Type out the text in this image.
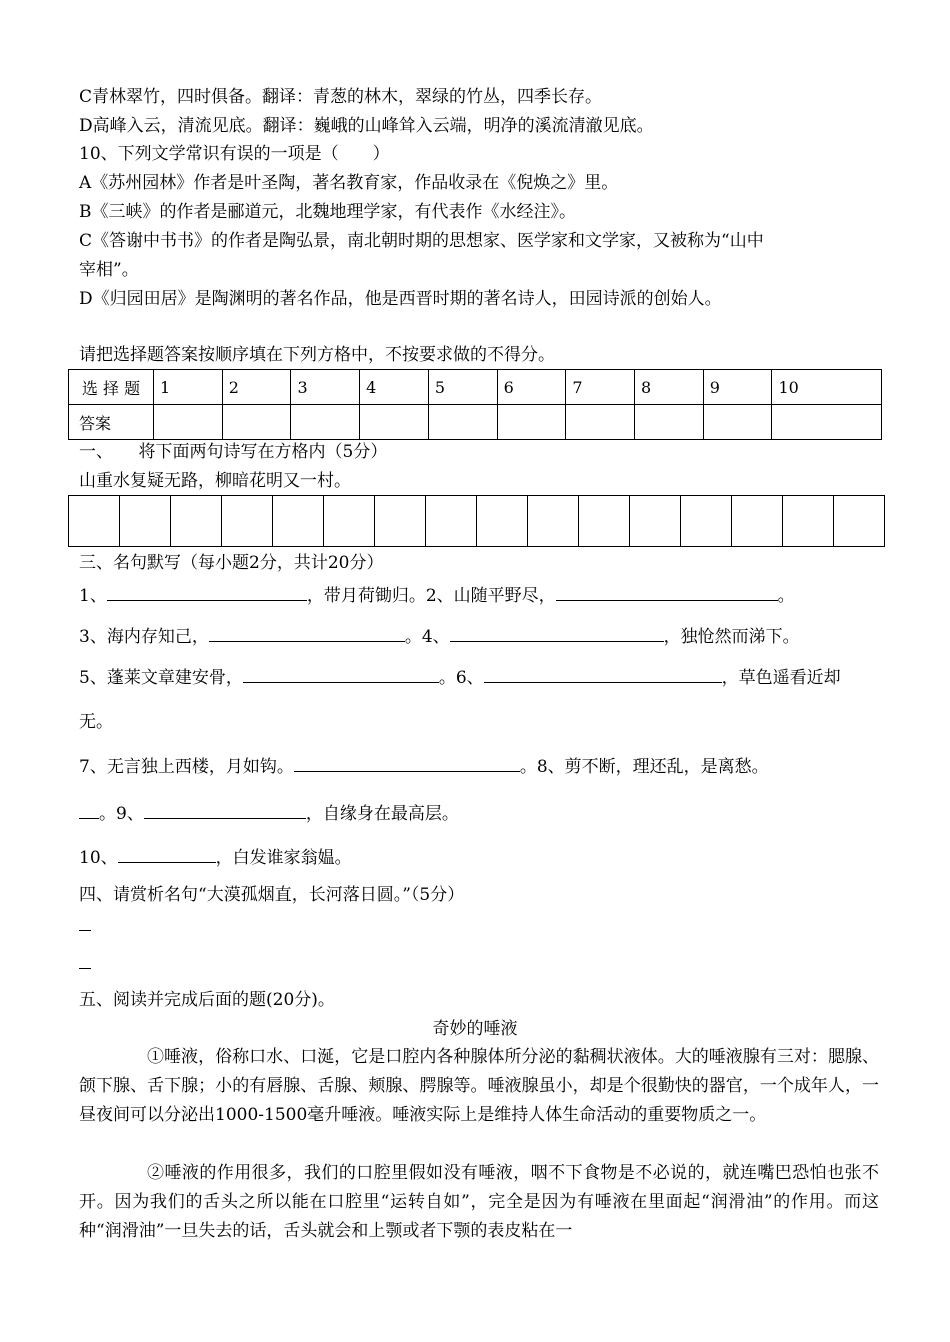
C青林翠竹，四时俱备。翻译：青葱的林木，翠绿的竹丛，四季长存。
D高峰入云，清流见底。翻译：巍峨的山峰耸入云端，明净的溪流清澈见底。
10、下列文学常识有误的一项是（　　）
A《苏州园林》作者是叶圣陶，著名教育家，作品收录在《倪焕之》里。
B《三峡》的作者是郦道元，北魏地理学家，有代表作《水经注》。
C《答谢中书书》的作者是陶弘景，南北朝时期的思想家、医学家和文学家，又被称为“山中
宰相”。
D《归园田居》是陶渊明的著名作品，他是西晋时期的著名诗人，田园诗派的创始人。
请把选择题答案按顺序填在下列方格中，不按要求做的不得分。
选 择 题	1	2	3	4	5	6	7	8	9	10
答案										
一、　　将下面两句诗写在方格内（5分）
山重水复疑无路，柳暗花明又一村。

三、名句默写（每小题2分，共计20分）
1、	，带月荷锄归。2、山随平野尽，	。
3、海内存知己，	。4、	，独怆然而涕下。
5、蓬莱文章建安骨，	。6、	，草色遥看近却
无。
7、无言独上西楼，月如钩。	。8、剪不断，理还乱，是离愁。
。9、	，自缘身在最高层。
10、	，白发谁家翁媪。
四、请赏析名句“大漠孤烟直，长河落日圆。”（5分）
五、阅读并完成后面的题(20分)。
奇妙的唾液
①唾液，俗称口水、口涎，它是口腔内各种腺体所分泌的黏稠状液体。大的唾液腺有三对：腮腺、颌下腺、舌下腺；小的有唇腺、舌腺、颊腺、腭腺等。唾液腺虽小，却是个很勤快的器官，一个成年人，一昼夜间可以分泌出1000-1500毫升唾液。唾液实际上是维持人体生命活动的重要物质之一。
②唾液的作用很多，我们的口腔里假如没有唾液，咽不下食物是不必说的，就连嘴巴恐怕也张不开。因为我们的舌头之所以能在口腔里“运转自如”，完全是因为有唾液在里面起“润滑油”的作用。而这种“润滑油”一旦失去的话，舌头就会和上颚或者下颚的表皮粘在一
